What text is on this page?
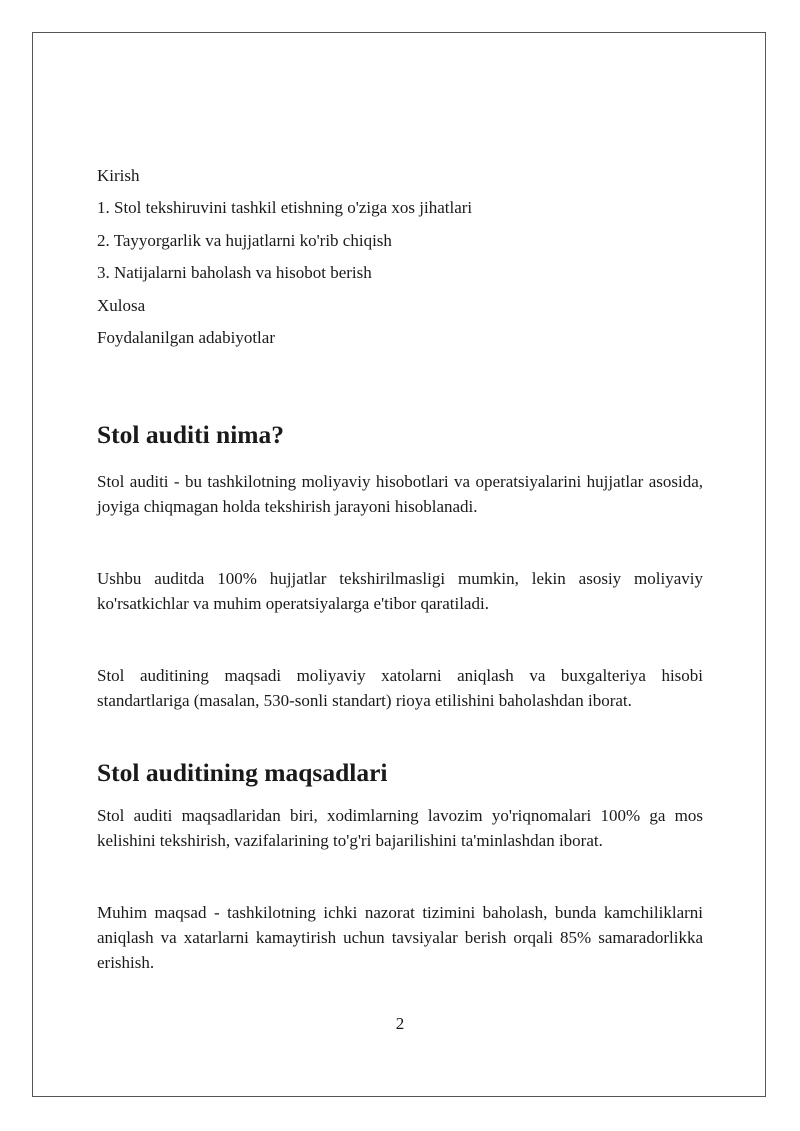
Kirish

1. Stol tekshiruvini tashkil etishning o'ziga xos jihatlari

2. Tayyorgarlik va hujjatlarni ko'rib chiqish

3. Natijalarni baholash va hisobot berish

Xulosa

Foydalanilgan adabiyotlar

Stol auditi nima?

Stol auditi - bu tashkilotning moliyaviy hisobotlari va operatsiyalarini hujjatlar asosida, joyiga chiqmagan holda tekshirish jarayoni hisoblanadi.

Ushbu auditda 100% hujjatlar tekshirilmasligi mumkin, lekin asosiy moliyaviy ko'rsatkichlar va muhim operatsiyalarga e'tibor qaratiladi.

Stol auditining maqsadi moliyaviy xatolarni aniqlash va buxgalteriya hisobi standartlariga (masalan, 530-sonli standart) rioya etilishini baholashdan iborat.

Stol auditining maqsadlari

Stol auditi maqsadlaridan biri, xodimlarning lavozim yo'riqnomalari 100% ga mos kelishini tekshirish, vazifalarining to'g'ri bajarilishini ta'minlashdan iborat.

Muhim maqsad - tashkilotning ichki nazorat tizimini baholash, bunda kamchiliklarni aniqlash va xatarlarni kamaytirish uchun tavsiyalar berish orqali 85% samaradorlikka erishish.

2
